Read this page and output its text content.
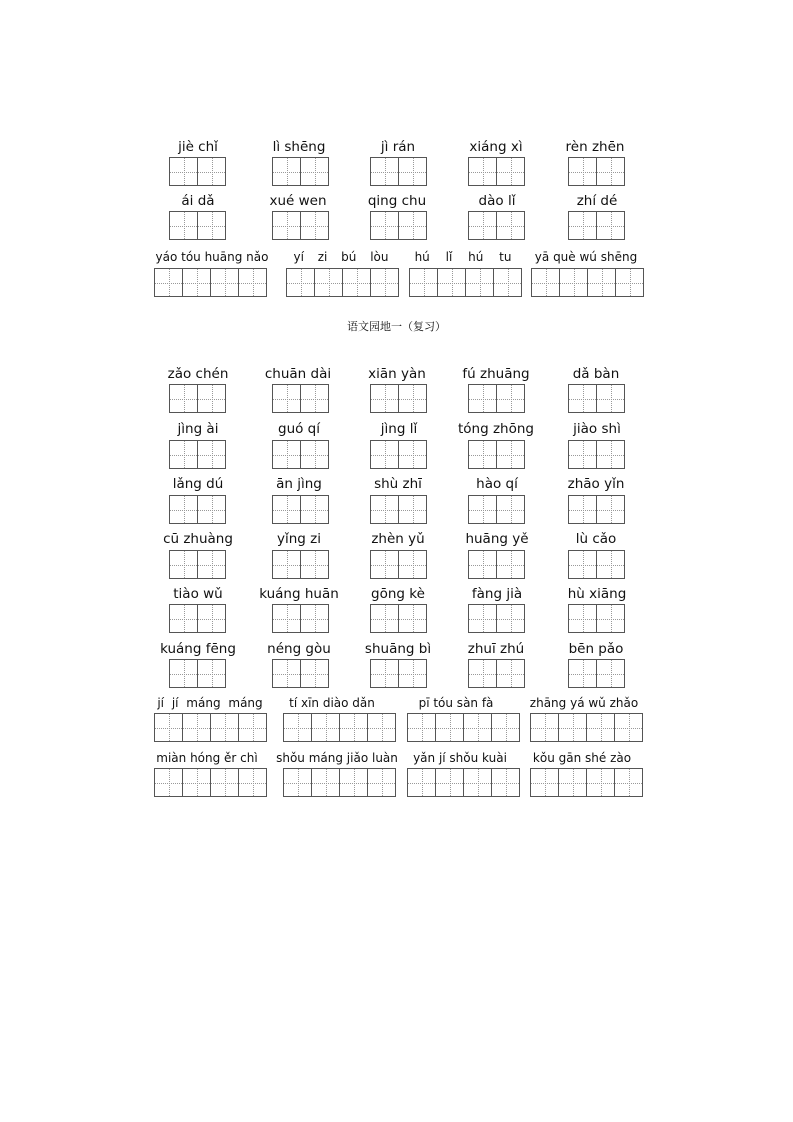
jiè chǐ	lì shēng	jì rán	xiáng xì	rèn zhēn
ái dǎ	xué wen	qing chu	dào lǐ	zhí dé
yáo tóu huāng nǎo	yí zi bú lòu	hú lǐ hú tu	yā què wú shēng
语文园地一（复习）
zǎo chén	chuān dài	xiān yàn	fú zhuāng	dǎ bàn
jìng ài	guó qí	jìng lǐ	tóng zhōng	jiào shì
lǎng dú	ān jìng	shù zhī	hào qí	zhāo yǐn
cū zhuàng	yǐng zi	zhèn yǔ	huāng yě	lù cǎo
tiào wǔ	kuáng huān	gōng kè	fàng jià	hù xiāng
kuáng fēng	néng gòu	shuāng bì	zhuī zhú	bēn pǎo
jí jí máng máng	tí xīn diào dǎn	pī tóu sàn fà	zhāng yá wǔ zhǎo
miàn hóng ěr chì	shǒu máng jiǎo luàn	yǎn jí shǒu kuài	kǒu gān shé zào
